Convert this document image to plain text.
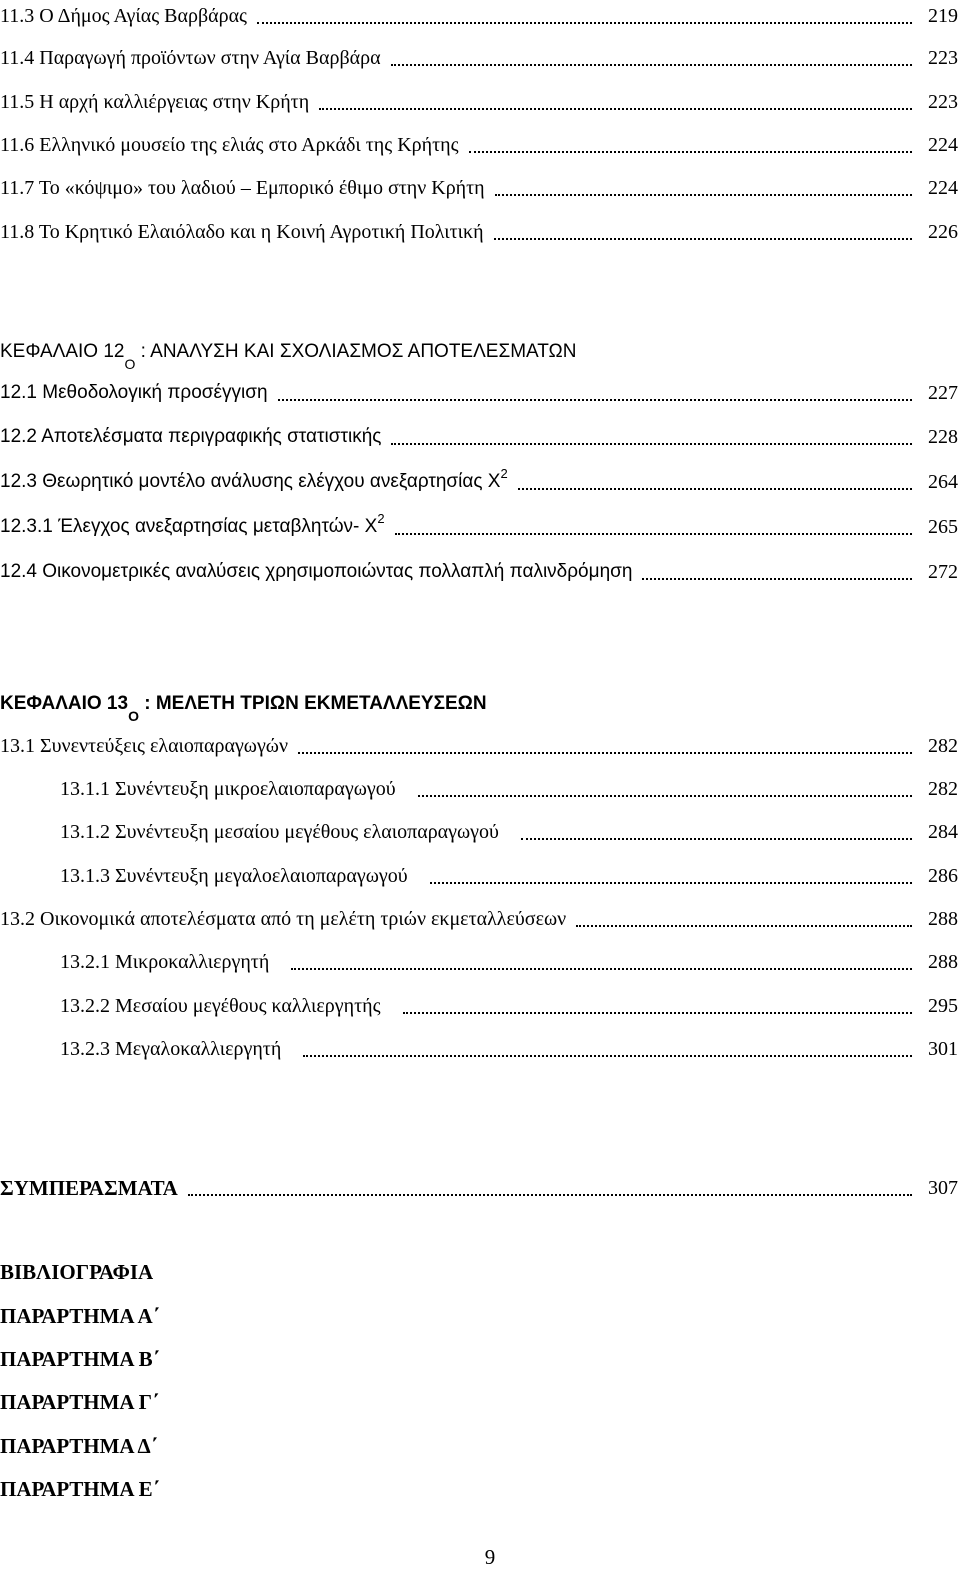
11.3 Ο Δήμος Αγίας Βαρβάρας	219
11.4 Παραγωγή προϊόντων στην Αγία Βαρβάρα	223
11.5 Η αρχή καλλιέργειας στην Κρήτη	223
11.6 Ελληνικό μουσείο της ελιάς στο Αρκάδι της Κρήτης	224
11.7 Το «κόψιμο» του λαδιού – Εμπορικό έθιμο στην Κρήτη	224
11.8 Το Κρητικό Ελαιόλαδο και η Κοινή Αγροτική Πολιτική	226
ΚΕΦΑΛΑΙΟ 12
Ο

: ΑΝΑΛΥΣΗ ΚΑΙ ΣΧΟΛΙΑΣΜΟΣ ΑΠΟΤΕΛΕΣΜΑΤΩΝ
12.1 Μεθοδολογική προσέγγιση	227
12.2 Αποτελέσματα περιγραφικής στατιστικής	228
12.3 Θεωρητικό μοντέλο ανάλυσης ελέγχου ανεξαρτησίας $X^2$	264
12.3.1 Έλεγχος ανεξαρτησίας μεταβλητών- $X^2$	265
12.4 Οικονομετρικές αναλύσεις χρησιμοποιώντας πολλαπλή παλινδρόμηση	272
ΚΕΦΑΛΑΙΟ 13
Ο

: ΜΕΛΕΤΗ ΤΡΙΩΝ ΕΚΜΕΤΑΛΛΕΥΣΕΩΝ
13.1 Συνεντεύξεις ελαιοπαραγωγών	282
13.1.1 Συνέντευξη μικροελαιοπαραγωγού	282
13.1.2 Συνέντευξη μεσαίου μεγέθους ελαιοπαραγωγού	284
13.1.3 Συνέντευξη μεγαλοελαιοπαραγωγού	286
13.2 Οικονομικά αποτελέσματα από τη μελέτη τριών εκμεταλλεύσεων	288
13.2.1 Μικροκαλλιεργητή	288
13.2.2 Μεσαίου μεγέθους καλλιεργητής	295
13.2.3 Μεγαλοκαλλιεργητή	301
ΣΥΜΠΕΡΑΣΜΑΤΑ	307
ΒΙΒΛΙΟΓΡΑΦΙΑ
ΠΑΡΑΡΤΗΜΑ Α΄
ΠΑΡΑΡΤΗΜΑ Β΄
ΠΑΡΑΡΤΗΜΑ Γ΄
ΠΑΡΑΡΤΗΜΑ Δ΄
ΠΑΡΑΡΤΗΜΑ Ε΄
9
